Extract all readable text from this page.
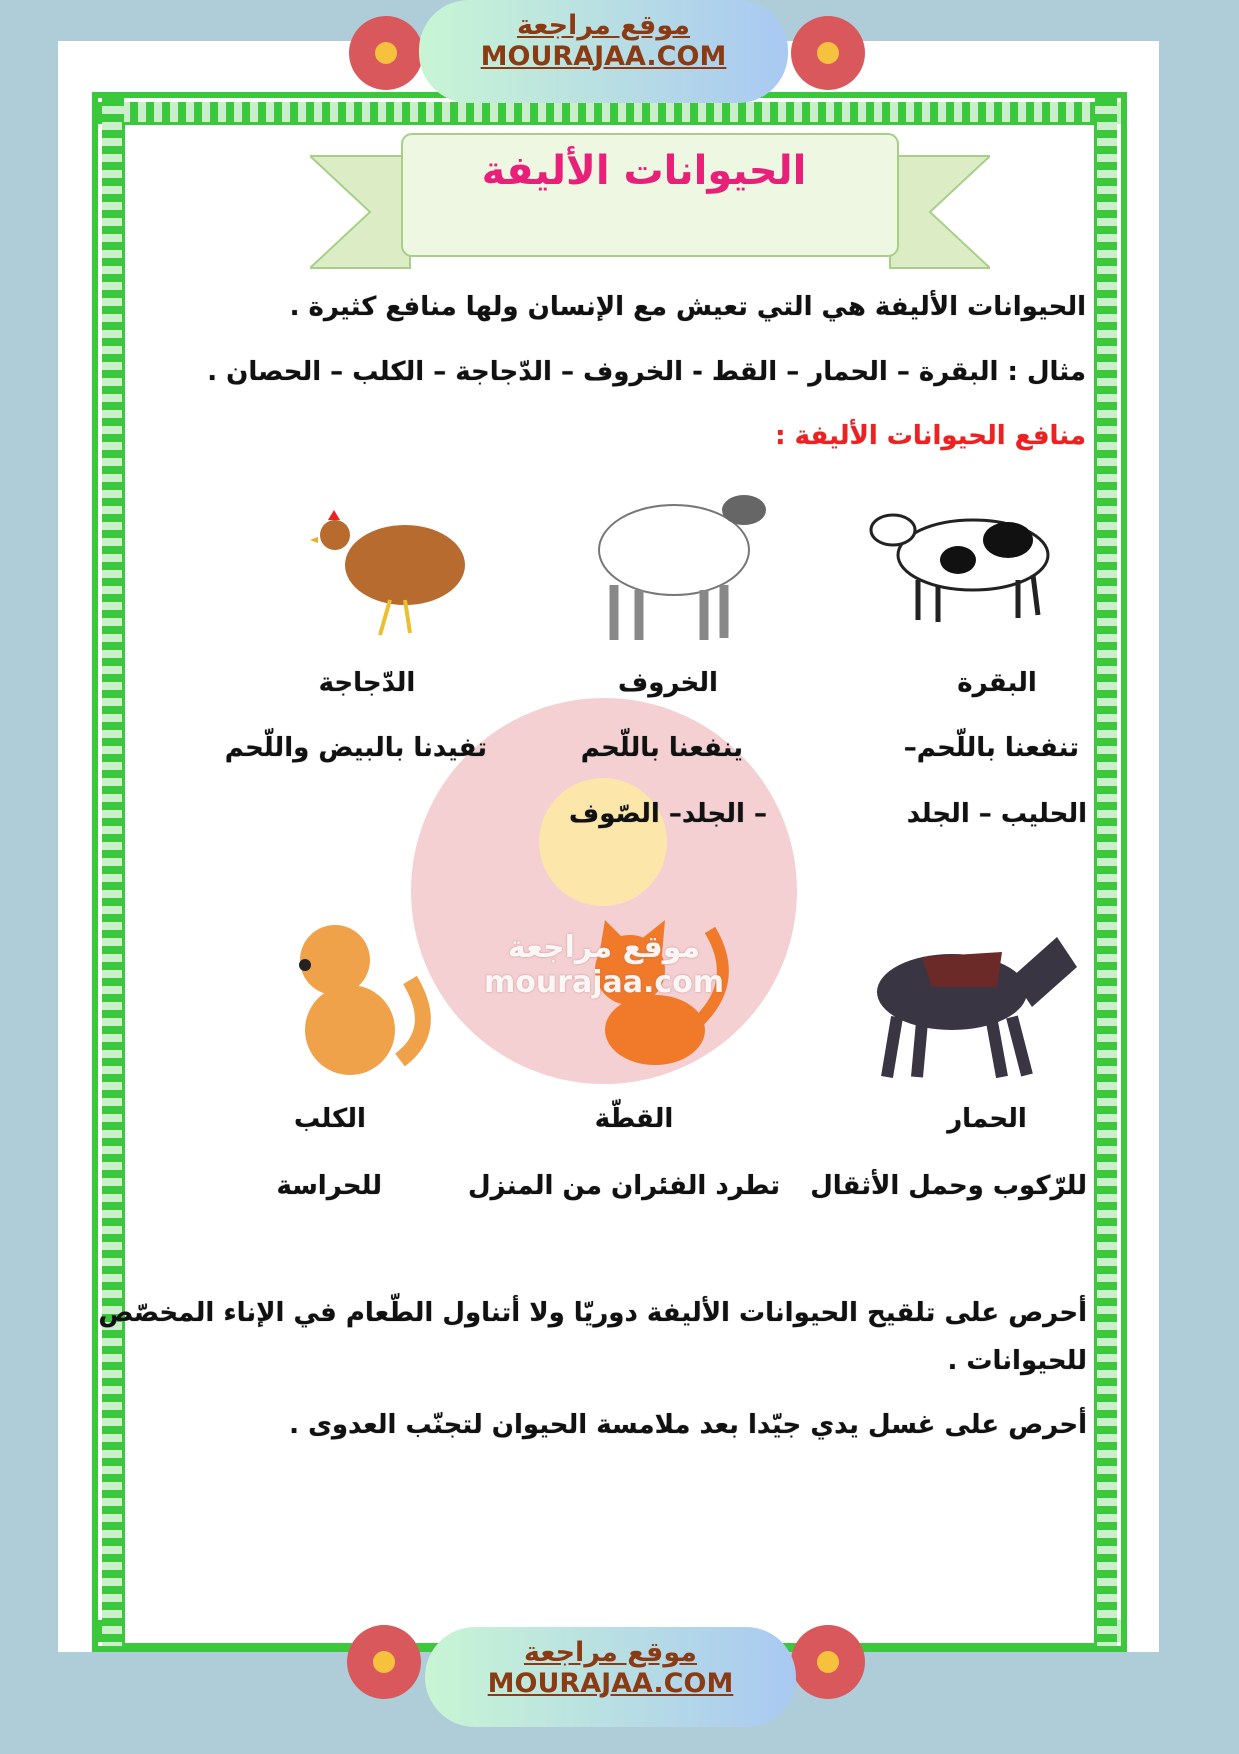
موقع مراجعة
MOURAJAA.COM
الحيوانات الأليفة
الحيوانات الأليفة هي التي تعيش مع الإنسان ولها منافع كثيرة .
مثال : البقرة – الحمار – القط - الخروف – الدّجاجة – الكلب – الحصان .
منافع الحيوانات الأليفة :
البقرة
الخروف
الدّجاجة
تنفعنا باللّحم–
الحليب – الجلد
ينفعنا باللّحم
– الجلد– الصّوف
تفيدنا بالبيض واللّحم
موقع مراجعة
mourajaa.com
الحمار
القطّة
الكلب
للرّكوب وحمل الأثقال
تطرد الفئران من المنزل
للحراسة
أحرص على تلقيح الحيوانات الأليفة دوريّا ولا أتناول الطّعام في الإناء المخصّص
للحيوانات .
أحرص على غسل يدي جيّدا بعد ملامسة الحيوان لتجنّب العدوى .
موقع مراجعة
MOURAJAA.COM
